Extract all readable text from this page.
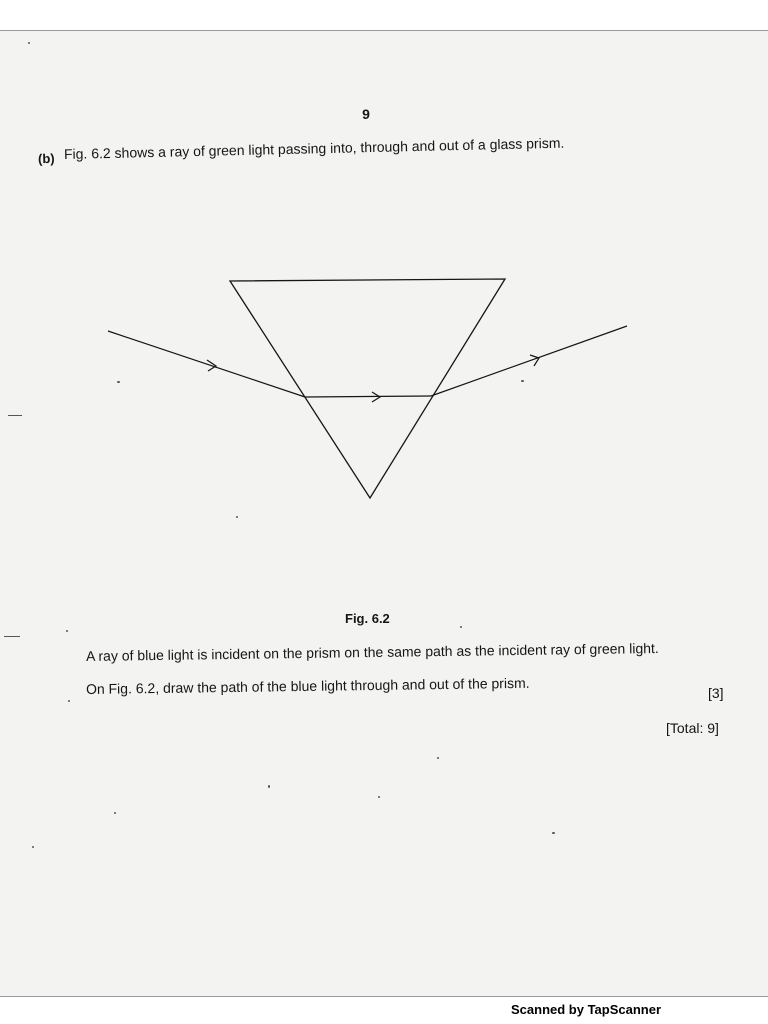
9
(b) Fig. 6.2 shows a ray of green light passing into, through and out of a glass prism.
Fig. 6.2
A ray of blue light is incident on the prism on the same path as the incident ray of green light.
On Fig. 6.2, draw the path of the blue light through and out of the prism.	[3]
[Total: 9]
Scanned by TapScanner
